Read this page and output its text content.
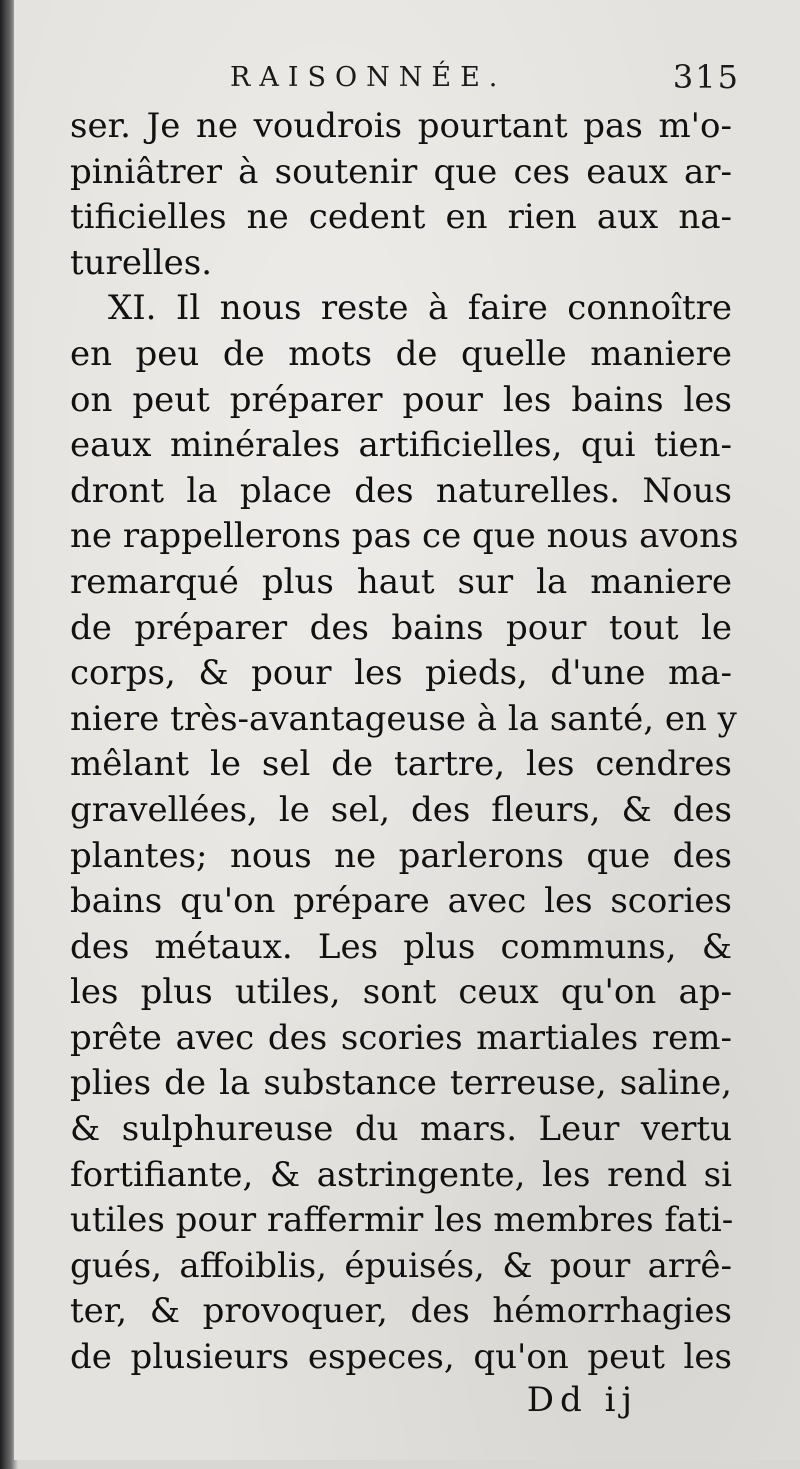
RAISONNÉE.	315
ser. Je ne voudrois pourtant pas m'o-
piniâtrer à soutenir que ces eaux ar-
tificielles ne cedent en rien aux na-
turelles.
XI. Il nous reste à faire connoître
en peu de mots de quelle maniere
on peut préparer pour les bains les
eaux minérales artificielles, qui tien-
dront la place des naturelles. Nous
ne rappellerons pas ce que nous avons
remarqué plus haut sur la maniere
de préparer des bains pour tout le
corps, & pour les pieds, d'une ma-
niere très-avantageuse à la santé, en y
mêlant le sel de tartre, les cendres
gravellées, le sel, des fleurs, & des
plantes; nous ne parlerons que des
bains qu'on prépare avec les scories
des métaux. Les plus communs, &
les plus utiles, sont ceux qu'on ap-
prête avec des scories martiales rem-
plies de la substance terreuse, saline,
& sulphureuse du mars. Leur vertu
fortifiante, & astringente, les rend si
utiles pour raffermir les membres fati-
gués, affoiblis, épuisés, & pour arrê-
ter, & provoquer, des hémorrhagies
de plusieurs especes, qu'on peut les
Dd ij
